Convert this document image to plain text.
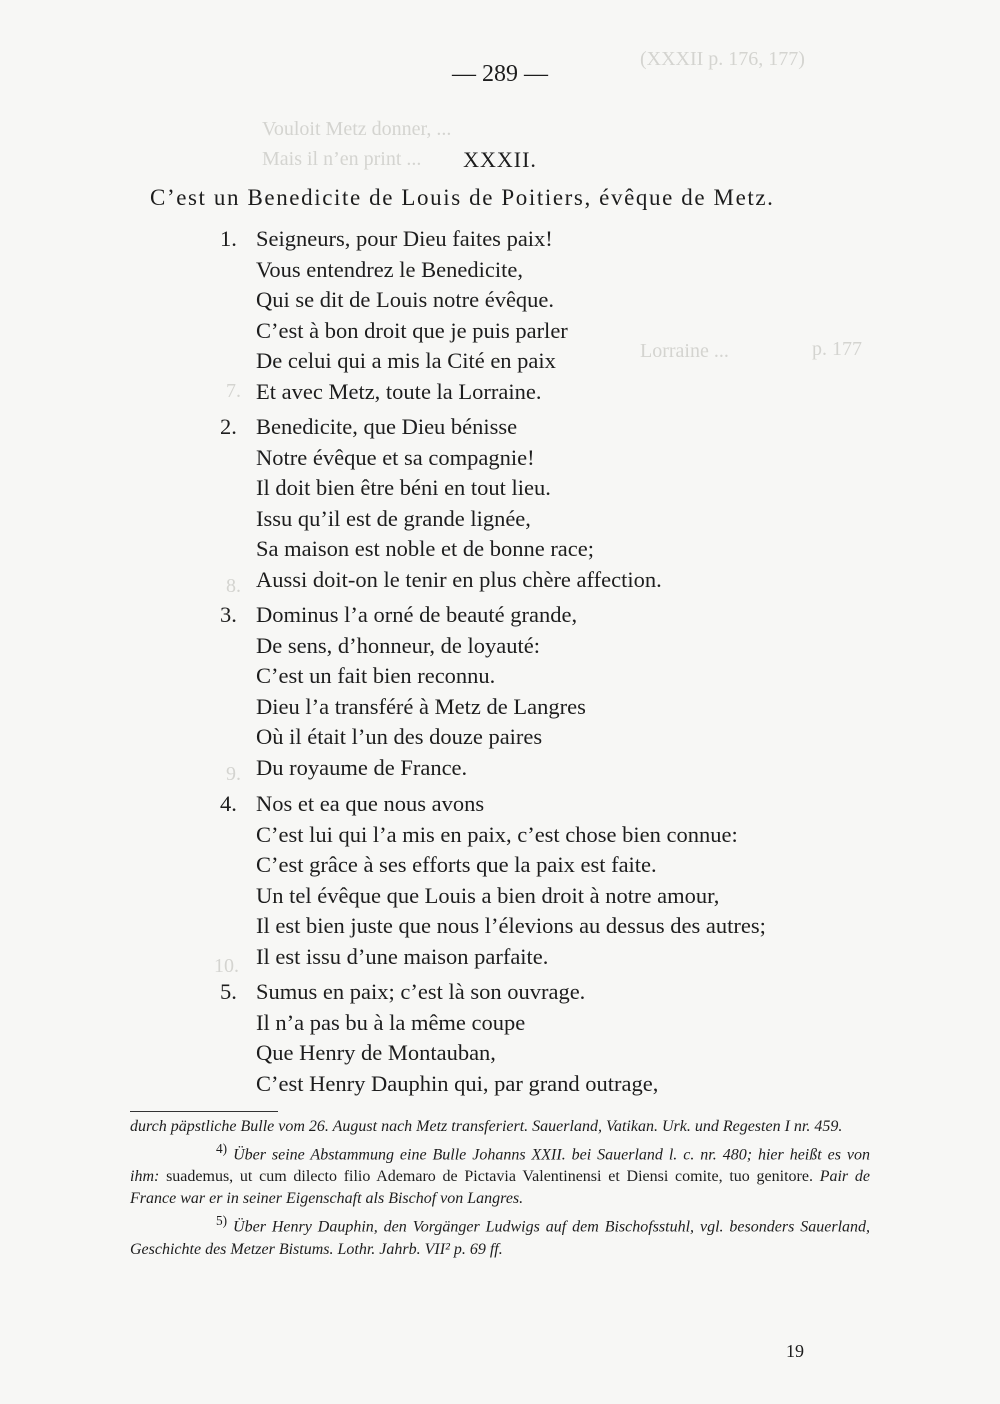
(XXXII p. 176, 177)
Vouloit Metz donner, ...
Mais il n’en print ...
Lorraine ...	p. 177
7.
8.
9.
10.
— 289 —
XXXII.
C’est un Benedicite de Louis de Poitiers, évêque de Metz.
1. Seigneurs, pour Dieu faites paix!
Vous entendrez le Benedicite,
Qui se dit de Louis notre évêque.
C’est à bon droit que je puis parler
De celui qui a mis la Cité en paix
Et avec Metz, toute la Lorraine.
2. Benedicite, que Dieu bénisse
Notre évêque et sa compagnie!
Il doit bien être béni en tout lieu.
Issu qu’il est de grande lignée,
Sa maison est noble et de bonne race;
Aussi doit-on le tenir en plus chère affection.
3. Dominus l’a orné de beauté grande,
De sens, d’honneur, de loyauté:
C’est un fait bien reconnu.
Dieu l’a transféré à Metz de Langres
Où il était l’un des douze paires
Du royaume de France.
4. Nos et ea que nous avons
C’est lui qui l’a mis en paix, c’est chose bien connue:
C’est grâce à ses efforts que la paix est faite.
Un tel évêque que Louis a bien droit à notre amour,
Il est bien juste que nous l’élevions au dessus des autres;
Il est issu d’une maison parfaite.
5. Sumus en paix; c’est là son ouvrage.
Il n’a pas bu à la même coupe
Que Henry de Montauban,
C’est Henry Dauphin qui, par grand outrage,
durch päpstliche Bulle vom 26. August nach Metz transferiert. Sauerland, Vatikan. Urk. und Regesten I nr. 459.
$^{4)}$ Über seine Abstammung eine Bulle Johanns XXII. bei Sauerland l. c. nr. 480; hier heißt es von ihm: suademus, ut cum dilecto filio Ademaro de Pictavia Valentinensi et Diensi comite, tuo genitore. Pair de France war er in seiner Eigenschaft als Bischof von Langres.
$^{5)}$ Über Henry Dauphin, den Vorgänger Ludwigs auf dem Bischofsstuhl, vgl. besonders Sauerland, Geschichte des Metzer Bistums. Lothr. Jahrb. VII² p. 69 ff.
19
